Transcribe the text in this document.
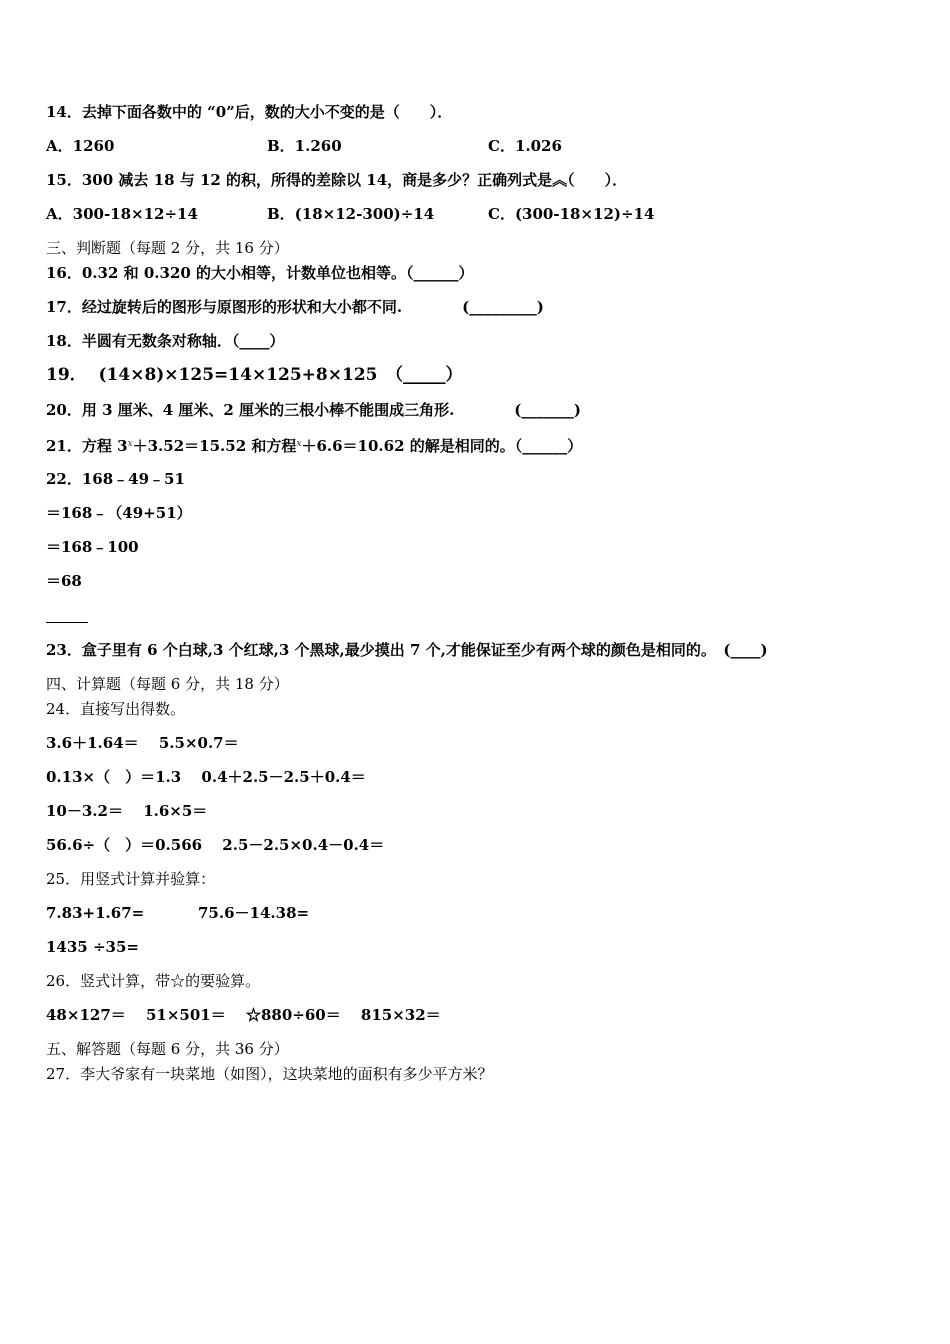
14．去掉下面各数中的 “0”后，数的大小不变的是（　　）．
A．1260	B．1.260	C．1.026
15．300 减去 18 与 12 的积，所得的差除以 14，商是多少？正确列式是︽（　　）．
A．300-18×12÷14	B．(18×12-300)÷14	C．(300-18×12)÷14
三、判断题（每题 2 分，共 16 分）
16．0.32 和 0.320 的大小相等，计数单位也相等。（______）
17．经过旋转后的图形与原图形的形状和大小都不同.　　　　(_________)
18．半圆有无数条对称轴．（____）
19．  (14×8)×125=14×125+8×125　（_____）
20．用 3 厘米、4 厘米、2 厘米的三根小棒不能围成三角形.　　　　(_______)
21．方程 $3^x+3.52=15.52$ 和方程$^x$＋6.6＝10.62 的解是相同的。（______）
22．168﹣49﹣51
＝168﹣（49+51）
＝168﹣100
＝68
23．盒子里有 6 个白球,3 个红球,3 个黑球,最少摸出 7 个,才能保证至少有两个球的颜色是相同的。　(____)
四、计算题（每题 6 分，共 18 分）
24．直接写出得数。
3.6＋1.64＝　 5.5×0.7＝
0.13×（　）＝1.3　 0.4＋2.5－2.5＋0.4＝
10－3.2＝　 1.6×5＝
56.6÷（　）＝0.566　 2.5－2.5×0.4－0.4＝
25．用竖式计算并验算：
7.83+1.67=	75.6－14.38=
1435 ÷35=
26．竖式计算，带☆的要验算。
48×127＝　 51×501＝　 ☆880÷60＝　 815×32＝
五、解答题（每题 6 分，共 36 分）
27．李大爷家有一块菜地（如图），这块菜地的面积有多少平方米？
